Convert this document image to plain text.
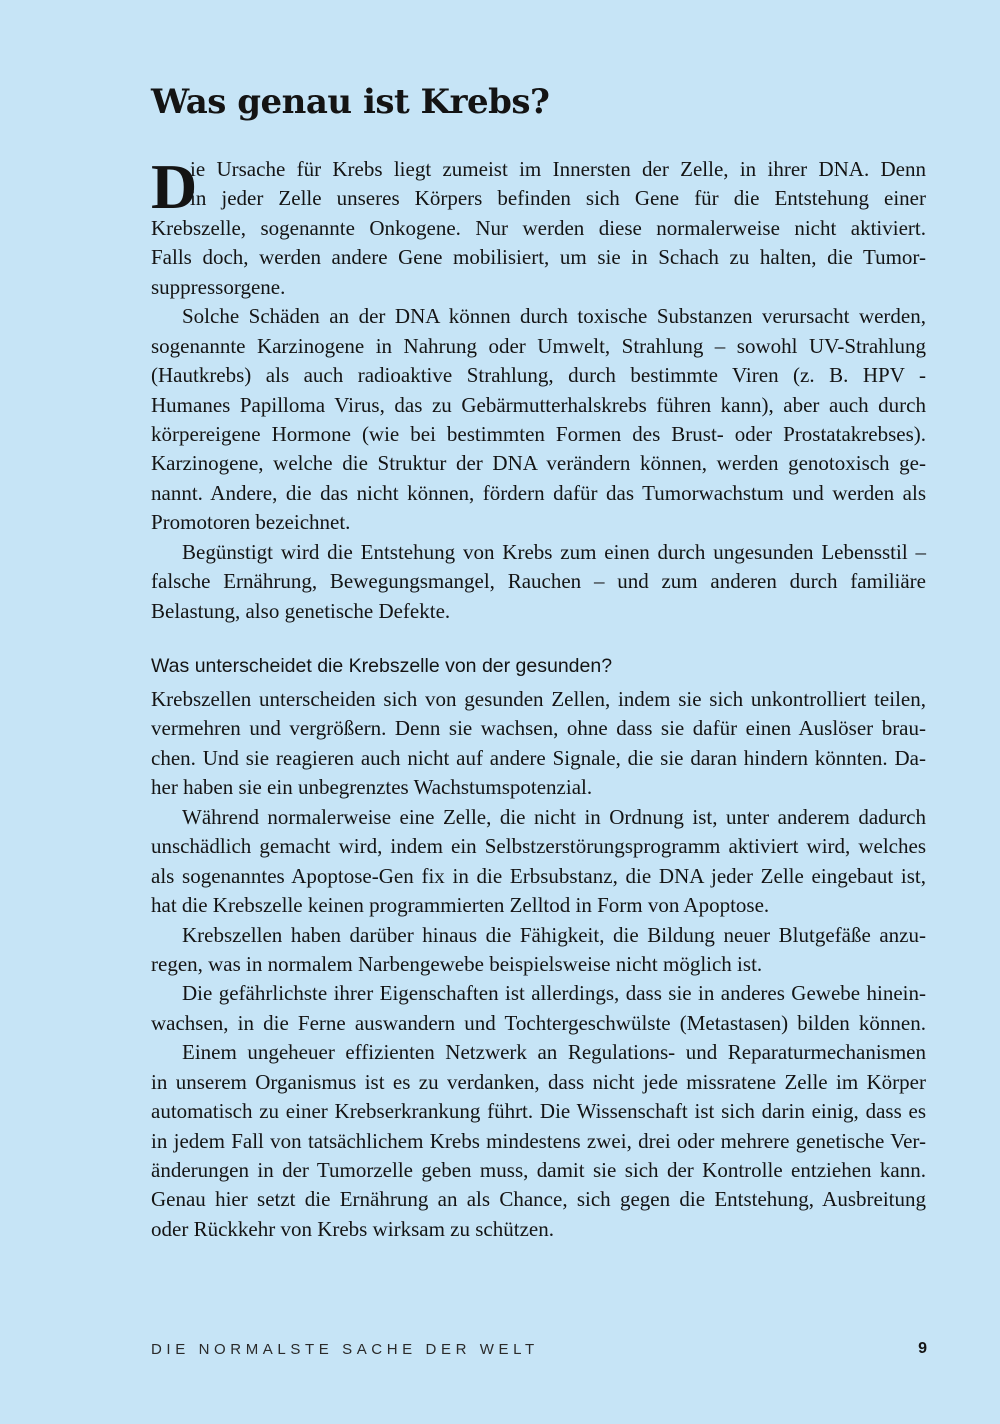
Was genau ist Krebs?
D
ie Ursache für Krebs liegt zumeist im Innersten der Zelle, in ihrer DNA. Denn
in jeder Zelle unseres Körpers befinden sich Gene für die Entstehung einer
Krebszelle, sogenannte Onkogene. Nur werden diese normalerweise nicht aktiviert.
Falls doch, werden andere Gene mobilisiert, um sie in Schach zu halten, die Tumor-
suppressorgene.
Solche Schäden an der DNA können durch toxische Substanzen verursacht werden,
sogenannte Karzinogene in Nahrung oder Umwelt, Strahlung – sowohl UV-Strahlung
(Hautkrebs) als auch radioaktive Strahlung, durch bestimmte Viren (z. B. HPV -
Humanes Papilloma Virus, das zu Gebärmutterhalskrebs führen kann), aber auch durch
körpereigene Hormone (wie bei bestimmten Formen des Brust- oder Prostatakrebses).
Karzinogene, welche die Struktur der DNA verändern können, werden genotoxisch ge-
nannt. Andere, die das nicht können, fördern dafür das Tumorwachstum und werden als
Promotoren bezeichnet.
Begünstigt wird die Entstehung von Krebs zum einen durch ungesunden Lebensstil –
falsche Ernährung, Bewegungsmangel, Rauchen – und zum anderen durch familiäre
Belastung, also genetische Defekte.
Was unterscheidet die Krebszelle von der gesunden?
Krebszellen unterscheiden sich von gesunden Zellen, indem sie sich unkontrolliert teilen,
vermehren und vergrößern. Denn sie wachsen, ohne dass sie dafür einen Auslöser brau-
chen. Und sie reagieren auch nicht auf andere Signale, die sie daran hindern könnten. Da-
her haben sie ein unbegrenztes Wachstumspotenzial.
Während normalerweise eine Zelle, die nicht in Ordnung ist, unter anderem dadurch
unschädlich gemacht wird, indem ein Selbstzerstörungsprogramm aktiviert wird, welches
als sogenanntes Apoptose-Gen fix in die Erbsubstanz, die DNA jeder Zelle eingebaut ist,
hat die Krebszelle keinen programmierten Zelltod in Form von Apoptose.
Krebszellen haben darüber hinaus die Fähigkeit, die Bildung neuer Blutgefäße anzu-
regen, was in normalem Narbengewebe beispielsweise nicht möglich ist.
Die gefährlichste ihrer Eigenschaften ist allerdings, dass sie in anderes Gewebe hinein-
wachsen, in die Ferne auswandern und Tochtergeschwülste (Metastasen) bilden können.
Einem ungeheuer effizienten Netzwerk an Regulations- und Reparaturmechanismen
in unserem Organismus ist es zu verdanken, dass nicht jede missratene Zelle im Körper
automatisch zu einer Krebserkrankung führt. Die Wissenschaft ist sich darin einig, dass es
in jedem Fall von tatsächlichem Krebs mindestens zwei, drei oder mehrere genetische Ver-
änderungen in der Tumorzelle geben muss, damit sie sich der Kontrolle entziehen kann.
Genau hier setzt die Ernährung an als Chance, sich gegen die Entstehung, Ausbreitung
oder Rückkehr von Krebs wirksam zu schützen.
DIE NORMALSTE SACHE DER WELT	9
